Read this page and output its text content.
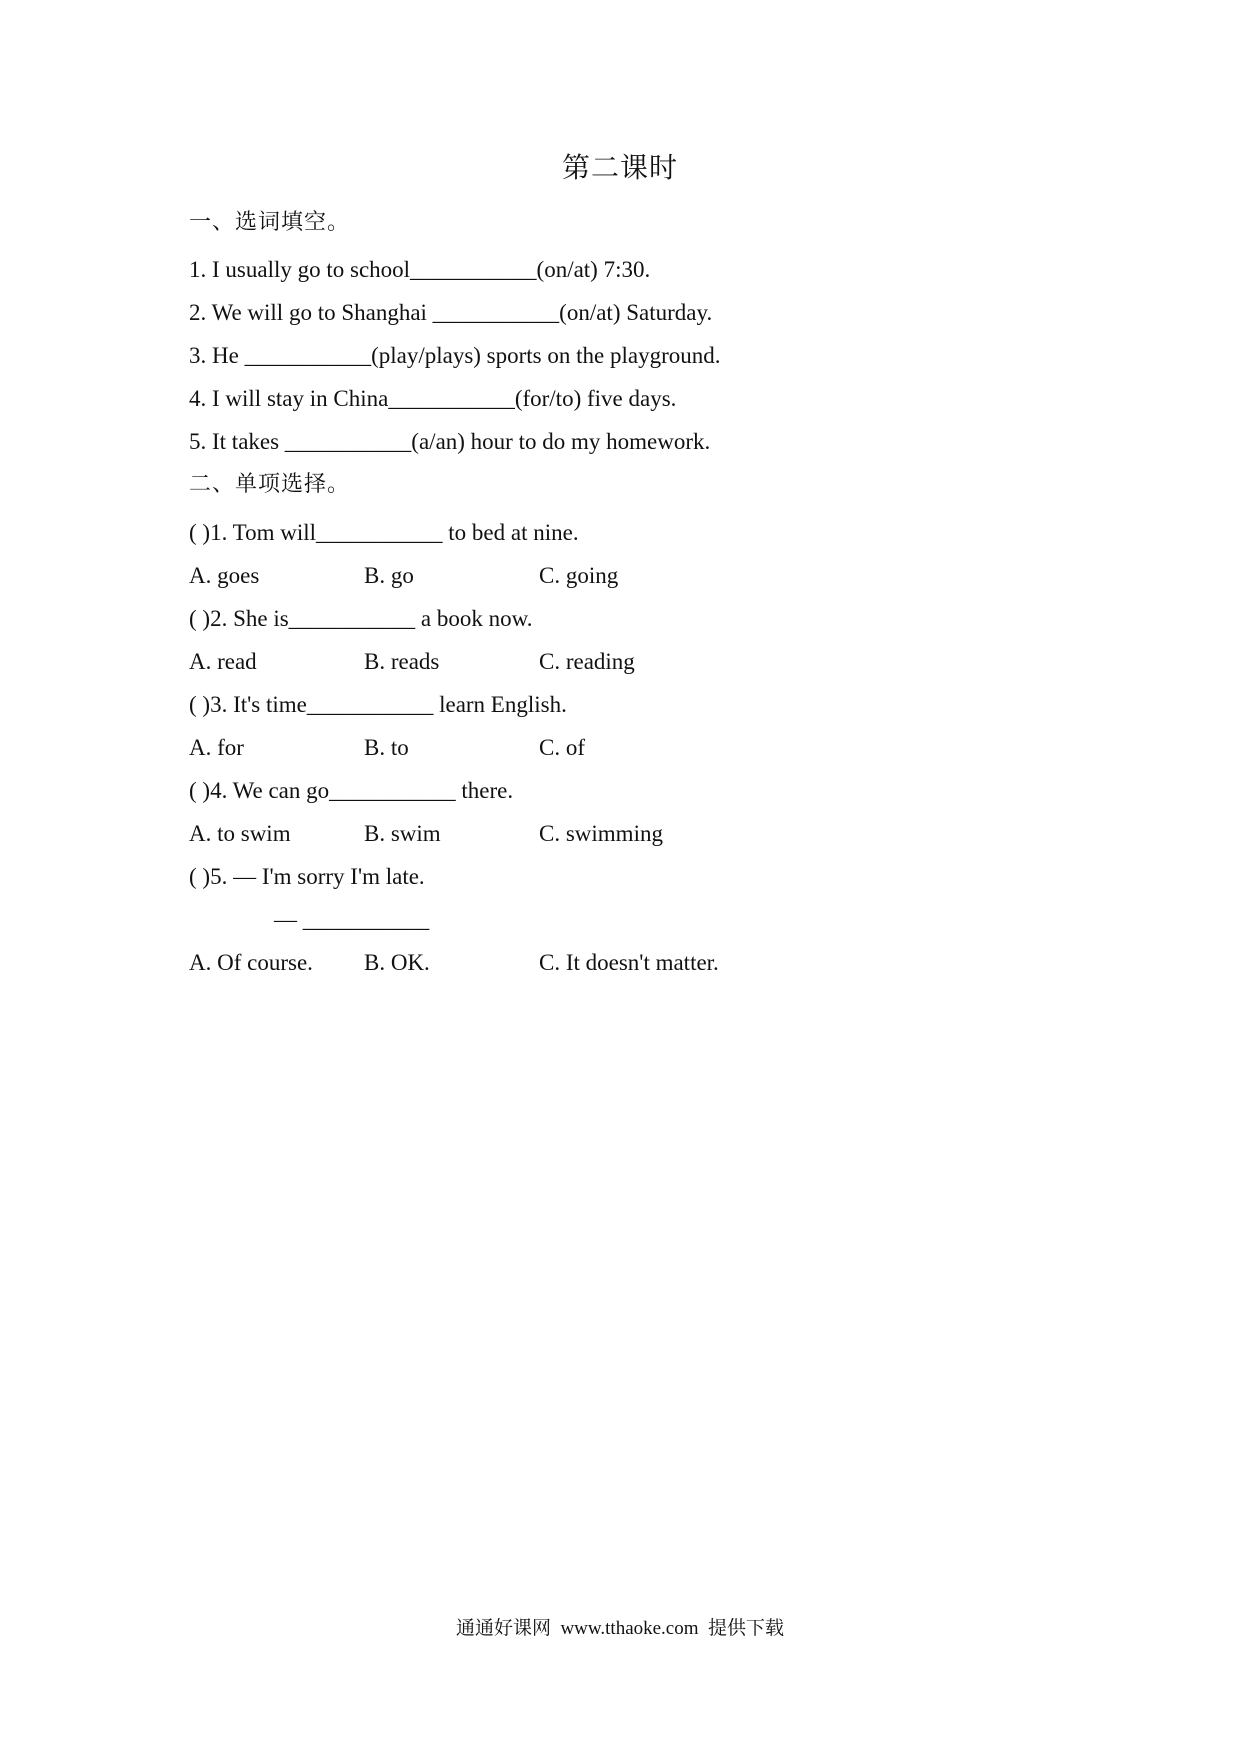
第二课时
一、选词填空。
1. I usually go to school___________(on/at) 7:30.
2. We will go to Shanghai ___________(on/at) Saturday.
3. He ___________(play/plays) sports on the playground.
4. I will stay in China___________(for/to) five days.
5. It takes ___________(a/an) hour to do my homework.
二、单项选择。
( )1. Tom will___________ to bed at nine.
A. goes	B. go	C. going
( )2. She is___________ a book now.
A. read	B. reads	C. reading
( )3. It's time___________ learn English.
A. for	B. to	C. of
( )4. We can go___________ there.
A. to swim	B. swim	C. swimming
( )5. — I'm sorry I'm late.
— ___________
A. Of course. B. OK.	C. It doesn't matter.
通通好课网 www.tthaoke.com 提供下载
